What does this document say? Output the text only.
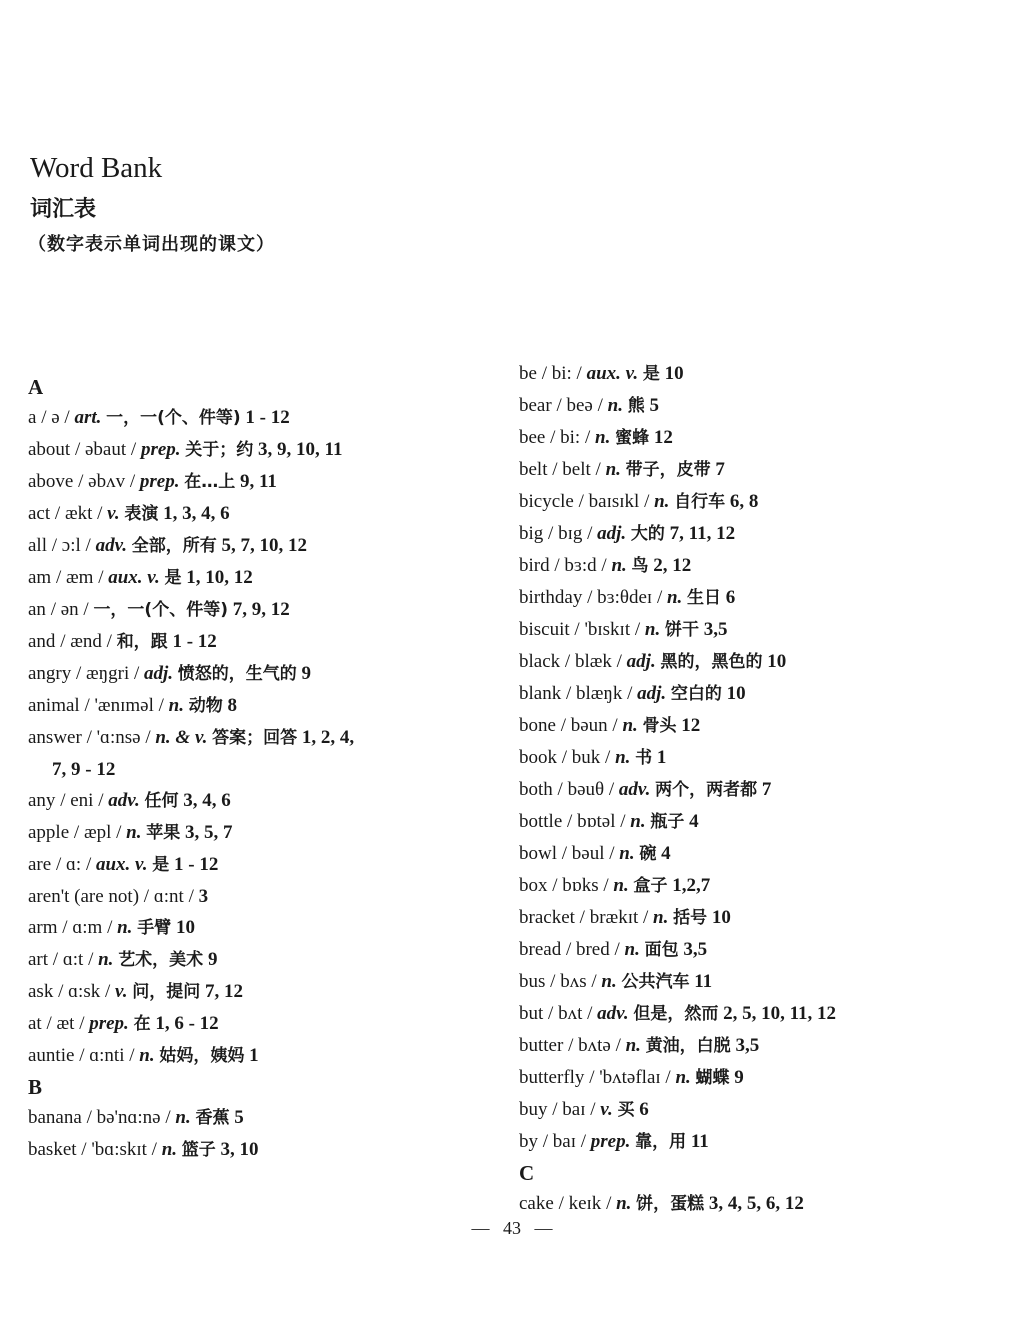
Word Bank
词汇表
（数字表示单词出现的课文）
A
a / ə / art. 一，一(个、件等) 1 - 12
about / əbaut / prep. 关于；约 3, 9, 10, 11
above / əbʌv / prep. 在…上 9, 11
act / ækt / v. 表演 1, 3, 4, 6
all / ɔ:l / adv. 全部，所有 5, 7, 10, 12
am / æm / aux. v. 是 1, 10, 12
an / ən / 一，一(个、件等) 7, 9, 12
and / ænd / 和，跟 1 - 12
angry / æŋgri / adj. 愤怒的，生气的 9
animal / 'ænɪməl / n. 动物 8
answer / 'ɑ:nsə / n. & v. 答案；回答 1, 2, 4,
7, 9 - 12
any / eni / adv. 任何 3, 4, 6
apple / æpl / n. 苹果 3, 5, 7
are / ɑ: / aux. v. 是 1 - 12
aren't (are not) / ɑ:nt / 3
arm / ɑ:m / n. 手臂 10
art / ɑ:t / n. 艺术，美术 9
ask / ɑ:sk / v. 问，提问 7, 12
at / æt / prep. 在 1, 6 - 12
auntie / ɑ:nti / n. 姑妈，姨妈 1
B
banana / bə'nɑ:nə / n. 香蕉 5
basket / 'bɑ:skɪt / n. 篮子 3, 10
be / bi: / aux. v. 是 10
bear / beə / n. 熊 5
bee / bi: / n. 蜜蜂 12
belt / belt / n. 带子，皮带 7
bicycle / baɪsɪkl / n. 自行车 6, 8
big / bɪg / adj. 大的 7, 11, 12
bird / bɜ:d / n. 鸟 2, 12
birthday / bɜ:θdeɪ / n. 生日 6
biscuit / 'bɪskɪt / n. 饼干 3,5
black / blæk / adj. 黑的，黑色的 10
blank / blæŋk / adj. 空白的 10
bone / bəun / n. 骨头 12
book / buk / n. 书 1
both / bəuθ / adv. 两个，两者都 7
bottle / bɒtəl / n. 瓶子 4
bowl / bəul / n. 碗 4
box / bɒks / n. 盒子 1,2,7
bracket / brækɪt / n. 括号 10
bread / bred / n. 面包 3,5
bus / bʌs / n. 公共汽车 11
but / bʌt / adv. 但是，然而 2, 5, 10, 11, 12
butter / bʌtə / n. 黄油，白脱 3,5
butterfly / 'bʌtəflaɪ / n. 蝴蝶 9
buy / baɪ / v. 买 6
by / baɪ / prep. 靠，用 11
C
cake / keɪk / n. 饼，蛋糕 3, 4, 5, 6, 12
— 43 —
